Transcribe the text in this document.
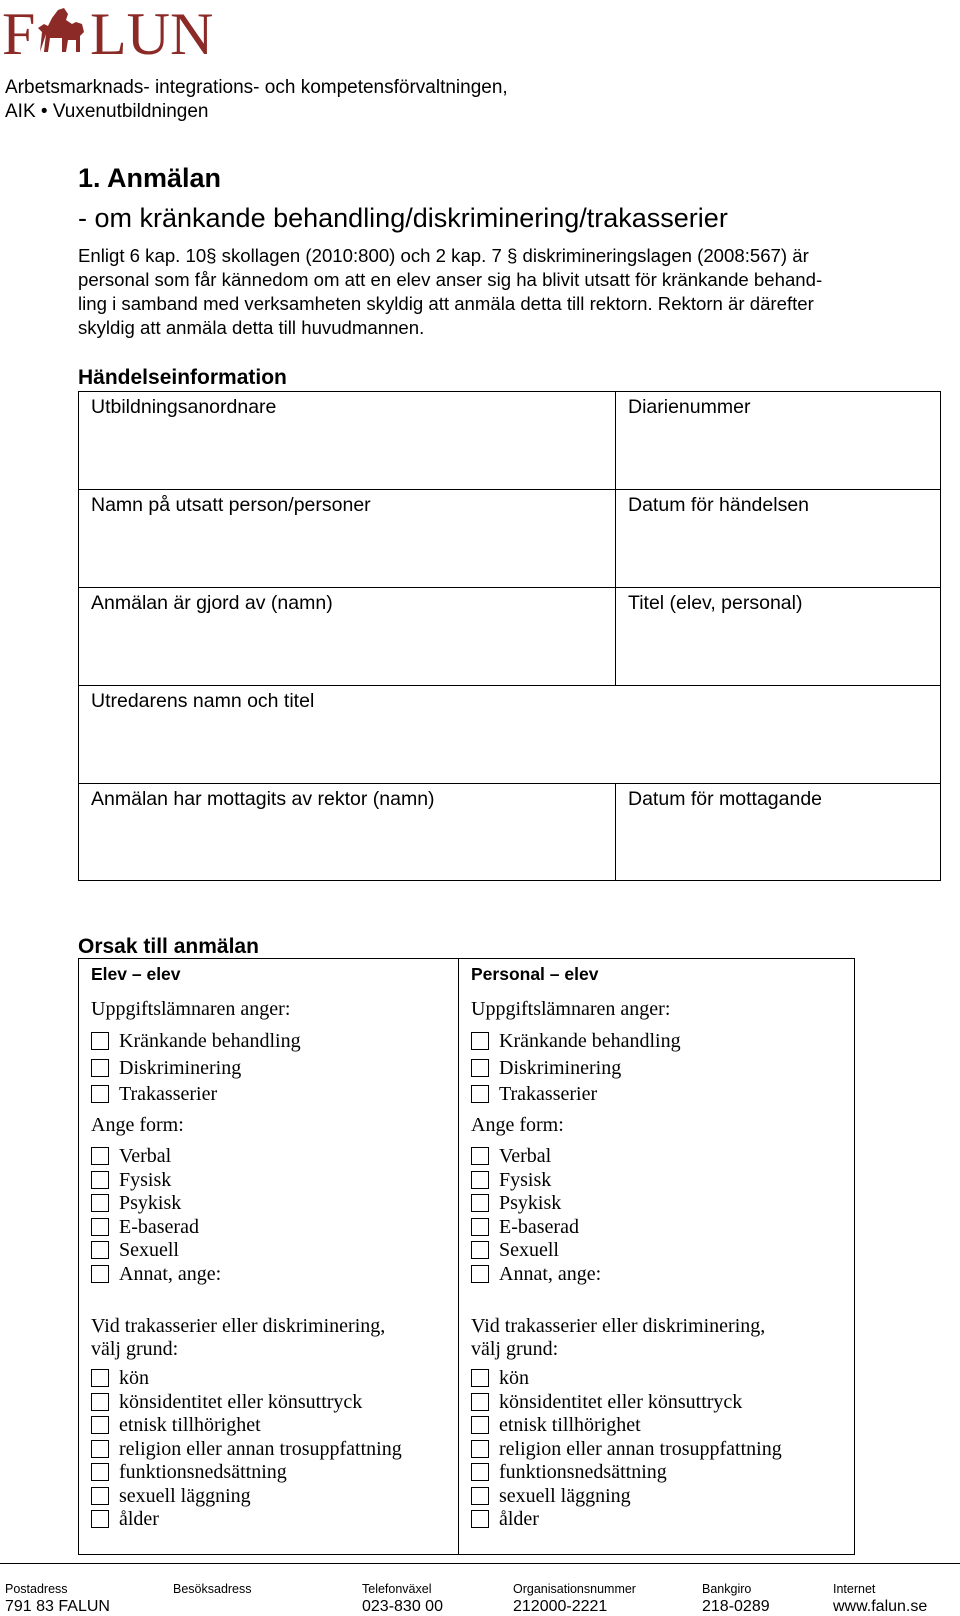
F LUN
Arbetsmarknads- integrations- och kompetensförvaltningen,
AIK • Vuxenutbildningen
1. Anmälan
- om kränkande behandling/diskriminering/trakasserier
Enligt 6 kap. 10§ skollagen (2010:800) och 2 kap. 7 § diskrimineringslagen (2008:567) är
personal som får kännedom om att en elev anser sig ha blivit utsatt för kränkande behand-
ling i samband med verksamheten skyldig att anmäla detta till rektorn. Rektorn är därefter
skyldig att anmäla detta till huvudmannen.
Händelseinformation
Utbildningsanordnare	Diarienummer
Namn på utsatt person/personer	Datum för händelsen
Anmälan är gjord av (namn)	Titel (elev, personal)
Utredarens namn och titel
Anmälan har mottagits av rektor (namn)	Datum för mottagande
Orsak till anmälan
Elev – elev
Uppgiftslämnaren anger:
Kränkande behandling
Diskriminering
Trakasserier
Ange form:
Verbal
Fysisk
Psykisk
E-baserad
Sexuell
Annat, ange:
Vid trakasserier eller diskriminering,
välj grund:
kön
könsidentitet eller könsuttryck
etnisk tillhörighet
religion eller annan trosuppfattning
funktionsnedsättning
sexuell läggning
ålder
Personal – elev
Uppgiftslämnaren anger:
Kränkande behandling
Diskriminering
Trakasserier
Ange form:
Verbal
Fysisk
Psykisk
E-baserad
Sexuell
Annat, ange:
Vid trakasserier eller diskriminering,
välj grund:
kön
könsidentitet eller könsuttryck
etnisk tillhörighet
religion eller annan trosuppfattning
funktionsnedsättning
sexuell läggning
ålder
Postadress
791 83 FALUN
Besöksadress	Telefonväxel
023-830 00
Organisationsnummer
212000-2221
Bankgiro
218-0289
Internet
www.falun.se
